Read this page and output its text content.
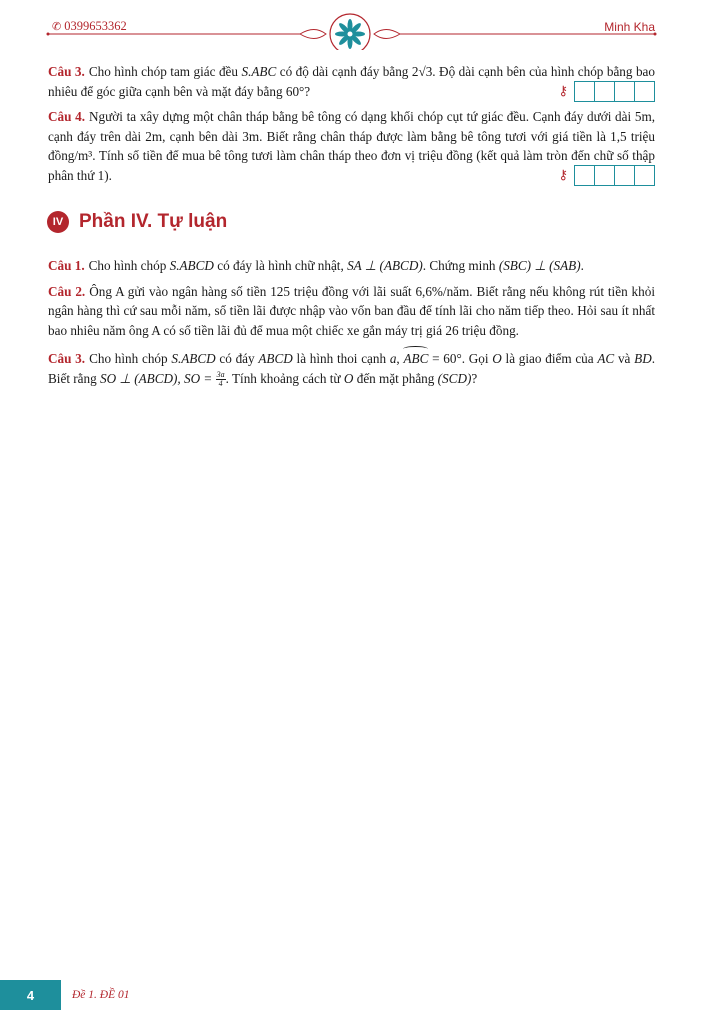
✆ 0399653362	Minh Kha

Câu 3. Cho hình chóp tam giác đều S.ABC có độ dài cạnh đáy bằng 2√3. Độ dài cạnh bên của hình chóp bằng bao nhiêu để góc giữa cạnh bên và mặt đáy bằng 60°?	⚷

Câu 4. Người ta xây dựng một chân tháp bằng bê tông có dạng khối chóp cụt tứ giác đều. Cạnh đáy dưới dài 5m, cạnh đáy trên dài 2m, cạnh bên dài 3m. Biết rằng chân tháp được làm bằng bê tông tươi với giá tiền là 1,5 triệu đồng/m³. Tính số tiền để mua bê tông tươi làm chân tháp theo đơn vị triệu đồng (kết quả làm tròn đến chữ số thập phân thứ 1).	⚷

IV Phần IV. Tự luận

Câu 1. Cho hình chóp S.ABCD có đáy là hình chữ nhật, SA ⊥ (ABCD). Chứng minh (SBC) ⊥ (SAB).

Câu 2. Ông A gửi vào ngân hàng số tiền 125 triệu đồng với lãi suất 6,6%/năm. Biết rằng nếu không rút tiền khỏi ngân hàng thì cứ sau mỗi năm, số tiền lãi được nhập vào vốn ban đầu để tính lãi cho năm tiếp theo. Hỏi sau ít nhất bao nhiêu năm ông A có số tiền lãi đủ để mua một chiếc xe gắn máy trị giá 26 triệu đồng.

Câu 3. Cho hình chóp S.ABCD có đáy ABCD là hình thoi cạnh a, ABC = 60°. Gọi O là giao điểm của AC và BD. Biết rằng SO ⊥ (ABCD), SO = $\frac{3a}{4}$ . Tính khoảng cách từ O đến mặt phẳng (SCD)?

4	Đề 1. ĐỀ 01
